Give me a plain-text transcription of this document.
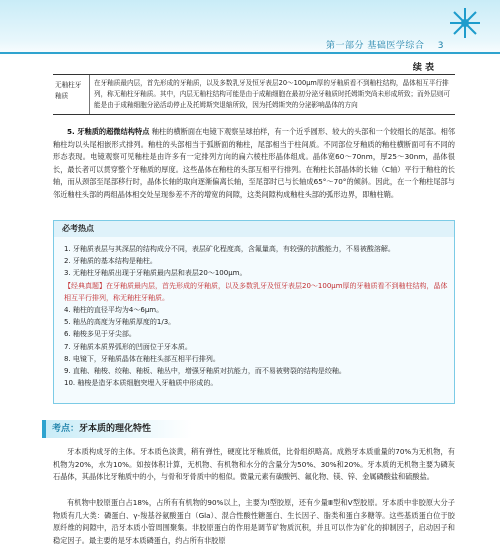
第一部分 基础医学综合 3
续 表
无釉柱牙釉质
在牙釉质最内层，首先形成的牙釉质，以及多数乳牙及恒牙表层20～100μm厚的牙釉质看不到釉柱结构，晶体相互平行排列，称无釉柱牙釉质。其中，内层无釉柱结构可能是由于成釉细胞在最初分泌牙釉质时托姆斯突尚未形成所致；而外层则可能是由于成釉细胞分泌活动停止及托姆斯突退缩所致，因为托姆斯突的分泌影响晶体的方向
5. 牙釉质的超微结构特点 釉柱的横断面在电镜下观察呈球拍样，有一个近乎圆形、较大的头部和一个较细长的尾部。相邻釉柱均以头尾相嵌形式排列。釉柱的头部相当于弧断面的釉柱，尾部相当于柱间质。不同部位牙釉质的釉柱横断面可有不同的形态表现。电镜观察可见釉柱是由许多有一定排列方向的扁六棱柱形晶体组成。晶体宽60～70nm，厚25～30nm，晶体很长，最长者可以贯穿整个牙釉质的厚度。这些晶体在釉柱的头部互相平行排列。在釉柱长部晶体的长轴（C轴）平行于釉柱的长轴，而从颈部至尾部移行时，晶体长轴的取向逐渐偏离长轴，至尾部时已与长轴成65°～70°的倾斜。因此，在一个釉柱尾部与邻近釉柱头部的两组晶体相交处呈现参差不齐的增宽的间隙，这类间隙构成釉柱头部的弧形边界，即釉柱鞘。
必考热点

1. 牙釉质表层与其深层的结构成分不同，表层矿化程度高，含氟量高，有较强的抗酸能力，不易被酸溶解。

2. 牙釉质的基本结构是釉柱。

3. 无釉柱牙釉质出现于牙釉质最内层和表层20～100μm。

【经典真题】在牙釉质最内层，首先形成的牙釉质，以及多数乳牙及恒牙表层20～100μm厚的牙釉质看不到釉柱结构，晶体相互平行排列，称无釉柱牙釉质。

4. 釉柱的直径平均为4～6μm。

5. 釉丛的高度为牙釉质厚度的1/3。

6. 釉梭多见于牙尖部。

7. 牙釉质本质界弧形的凹面位于牙本质。

8. 电镜下，牙釉质晶体在釉柱头部互相平行排列。

9. 直釉、釉梭、绞釉、釉板、釉丛中，增强牙釉质对抗能力，而不易被劈裂的结构是绞釉。

10. 釉梭是造牙本质细胞突埋入牙釉质中形成的。

考点：牙本质的理化特性
牙本质构成牙的主体。牙本质色淡黄，稍有弹性，硬度比牙釉质低，比骨组织略高。成熟牙本质重量的70%为无机物，有机物为20%，水为10%。如按体积计算，无机物、有机物和水分的含量分为50%、30%和20%。牙本质的无机物主要为磷灰石晶体，其晶体比牙釉质中的小，与骨和牙骨质中的相似。微量元素有碳酸钙、氟化物、镁、锌、金属磷酸盐和硫酸盐。
有机物中胶原蛋白占18%，占所有有机物的90%以上，主要为Ⅰ型胶原，还有少量Ⅲ型和Ⅴ型胶原。牙本质中非胶原大分子物质有几大类：磷蛋白、γ-羧基谷氨酸蛋白（Gla）、混合性酸性糖蛋白、生长因子、脂类和蛋白多糖等。这些基质蛋白位于胶原纤维的间隙中，沿牙本质小管周围聚集。非胶原蛋白的作用是调节矿物质沉积，并且可以作为矿化的抑制因子，启动因子和稳定因子。最主要的是牙本质磷蛋白，约占所有非胶原
